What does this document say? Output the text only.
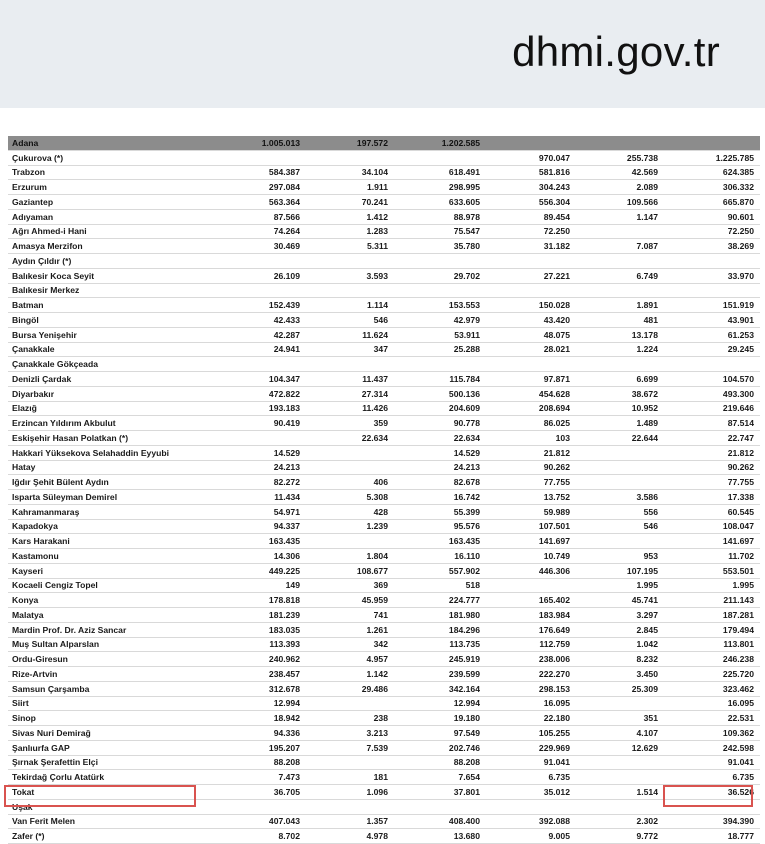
dhmi.gov.tr
Adana	1.005.013	197.572	1.202.585			
Çukurova (*)				970.047	255.738	1.225.785
Trabzon	584.387	34.104	618.491	581.816	42.569	624.385
Erzurum	297.084	1.911	298.995	304.243	2.089	306.332
Gaziantep	563.364	70.241	633.605	556.304	109.566	665.870
Adıyaman	87.566	1.412	88.978	89.454	1.147	90.601
Ağrı Ahmed-i Hani	74.264	1.283	75.547	72.250		72.250
Amasya Merzifon	30.469	5.311	35.780	31.182	7.087	38.269
Aydın Çıldır (*)						
Balıkesir Koca Seyit	26.109	3.593	29.702	27.221	6.749	33.970
Balıkesir Merkez						
Batman	152.439	1.114	153.553	150.028	1.891	151.919
Bingöl	42.433	546	42.979	43.420	481	43.901
Bursa Yenişehir	42.287	11.624	53.911	48.075	13.178	61.253
Çanakkale	24.941	347	25.288	28.021	1.224	29.245
Çanakkale Gökçeada						
Denizli Çardak	104.347	11.437	115.784	97.871	6.699	104.570
Diyarbakır	472.822	27.314	500.136	454.628	38.672	493.300
Elazığ	193.183	11.426	204.609	208.694	10.952	219.646
Erzincan Yıldırım Akbulut	90.419	359	90.778	86.025	1.489	87.514
Eskişehir Hasan Polatkan (*)		22.634	22.634	103	22.644	22.747
Hakkari Yüksekova Selahaddin Eyyubi	14.529		14.529	21.812		21.812
Hatay	24.213		24.213	90.262		90.262
Iğdır Şehit Bülent Aydın	82.272	406	82.678	77.755		77.755
Isparta Süleyman Demirel	11.434	5.308	16.742	13.752	3.586	17.338
Kahramanmaraş	54.971	428	55.399	59.989	556	60.545
Kapadokya	94.337	1.239	95.576	107.501	546	108.047
Kars Harakani	163.435		163.435	141.697		141.697
Kastamonu	14.306	1.804	16.110	10.749	953	11.702
Kayseri	449.225	108.677	557.902	446.306	107.195	553.501
Kocaeli Cengiz Topel	149	369	518		1.995	1.995
Konya	178.818	45.959	224.777	165.402	45.741	211.143
Malatya	181.239	741	181.980	183.984	3.297	187.281
Mardin Prof. Dr. Aziz Sancar	183.035	1.261	184.296	176.649	2.845	179.494
Muş Sultan Alparslan	113.393	342	113.735	112.759	1.042	113.801
Ordu-Giresun	240.962	4.957	245.919	238.006	8.232	246.238
Rize-Artvin	238.457	1.142	239.599	222.270	3.450	225.720
Samsun Çarşamba	312.678	29.486	342.164	298.153	25.309	323.462
Siirt	12.994		12.994	16.095		16.095
Sinop	18.942	238	19.180	22.180	351	22.531
Sivas Nuri Demirağ	94.336	3.213	97.549	105.255	4.107	109.362
Şanlıurfa GAP	195.207	7.539	202.746	229.969	12.629	242.598
Şırnak Şerafettin Elçi	88.208		88.208	91.041		91.041
Tekirdağ Çorlu Atatürk	7.473	181	7.654	6.735		6.735
Tokat	36.705	1.096	37.801	35.012	1.514	36.526
Uşak						
Van Ferit Melen	407.043	1.357	408.400	392.088	2.302	394.390
Zafer (*)	8.702	4.978	13.680	9.005	9.772	18.777
